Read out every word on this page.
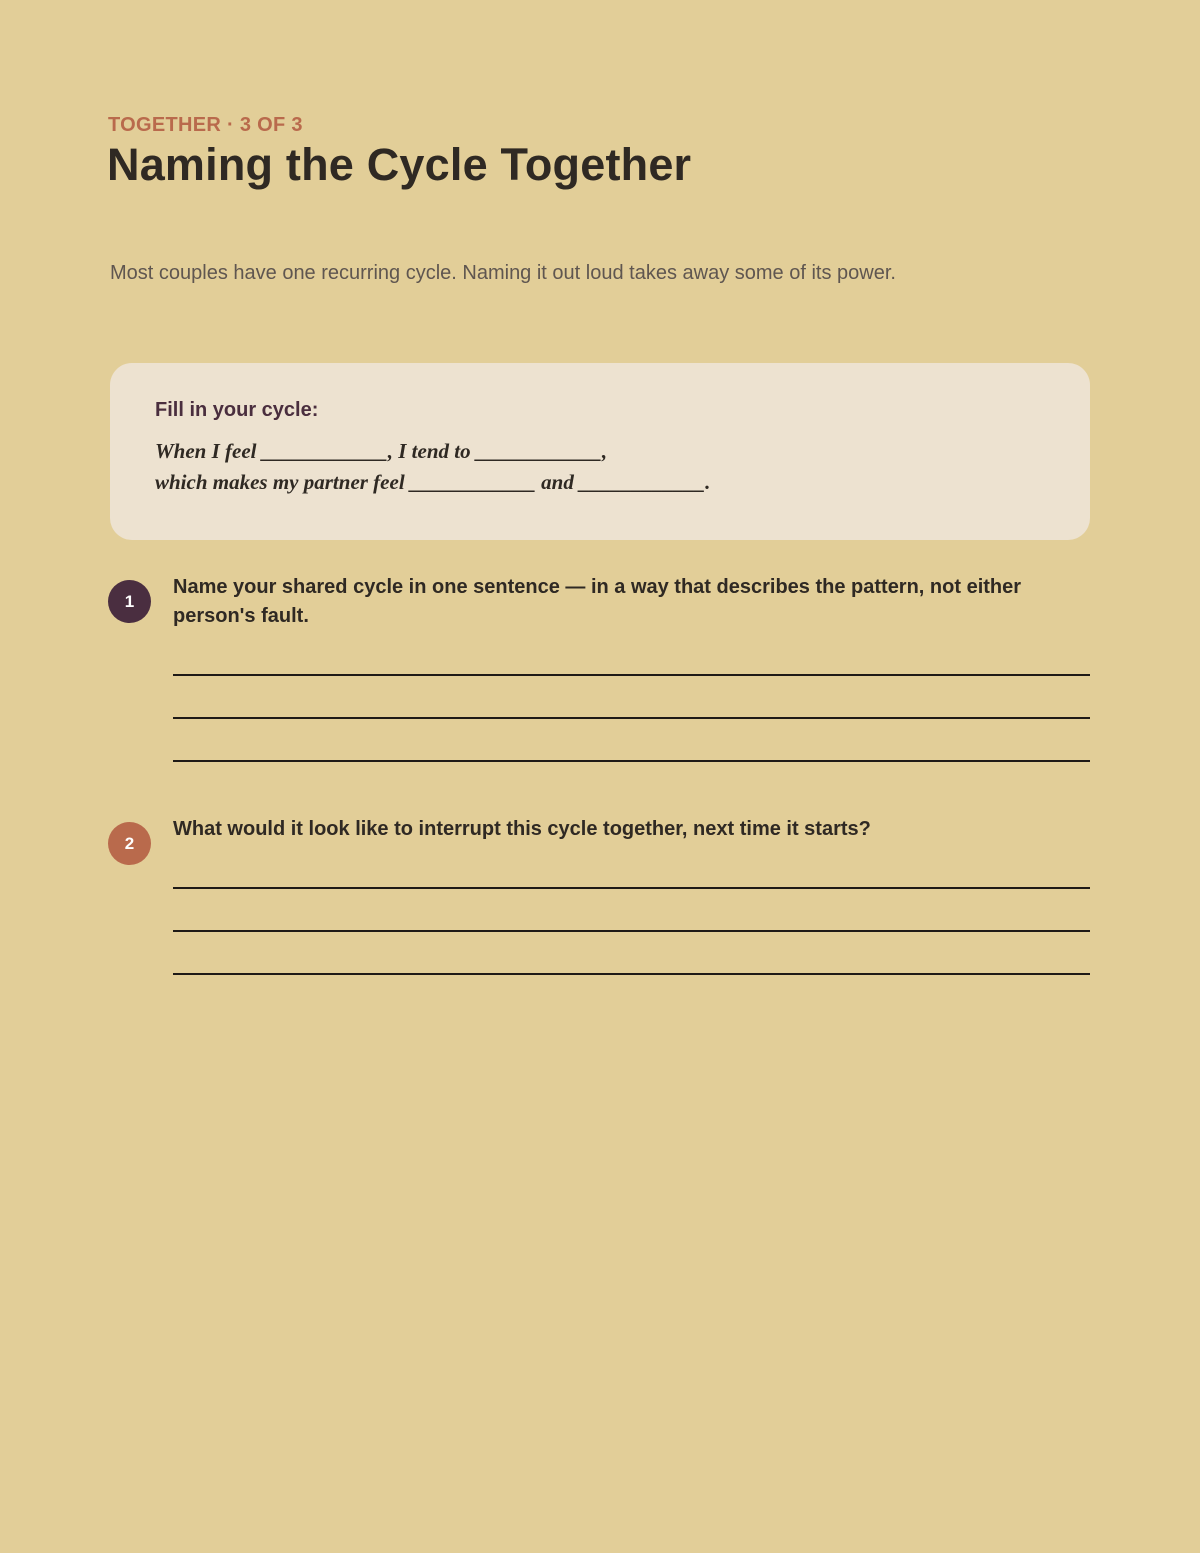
TOGETHER · 3 OF 3
Naming the Cycle Together
Most couples have one recurring cycle. Naming it out loud takes away some of its power.
Fill in your cycle:
When I feel ____________, I tend to ____________,
which makes my partner feel ____________ and ____________.
1
Name your shared cycle in one sentence — in a way that describes the pattern, not either person's fault.
2
What would it look like to interrupt this cycle together, next time it starts?
